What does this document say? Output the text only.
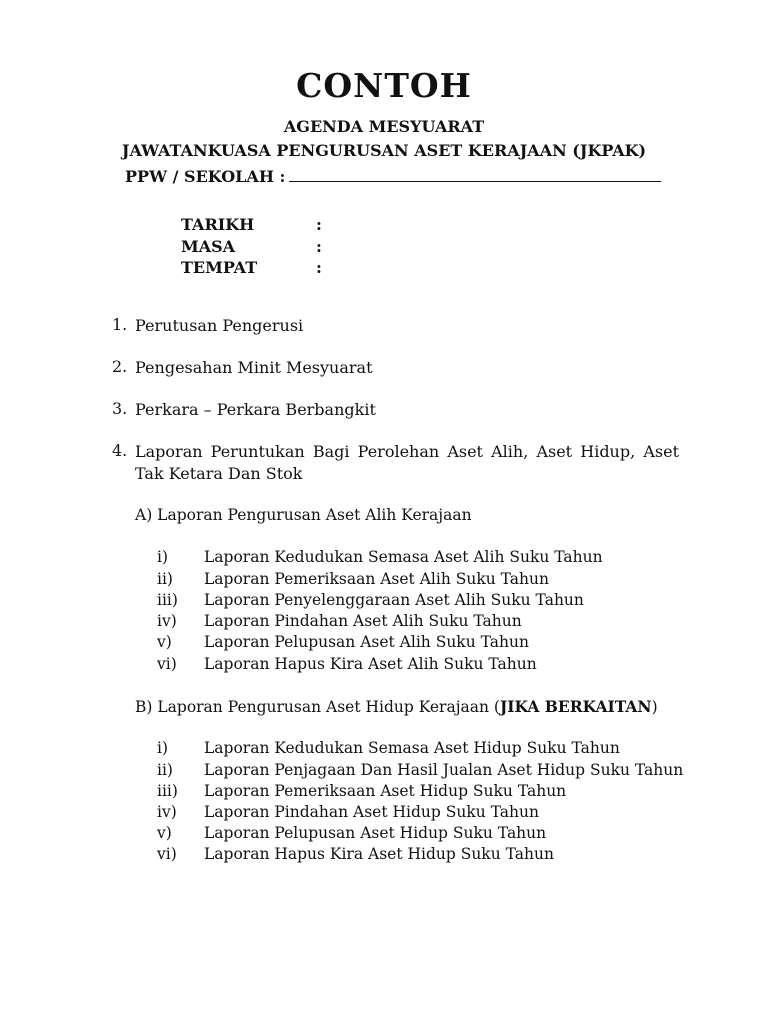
CONTOH
AGENDA MESYUARAT
JAWATANKUASA PENGURUSAN ASET KERAJAAN (JKPAK)
PPW / SEKOLAH :
TARIKH	:
MASA	:
TEMPAT	:
1. Perutusan Pengerusi
2. Pengesahan Minit Mesyuarat
3. Perkara – Perkara Berbangkit
4. Laporan Peruntukan Bagi Perolehan Aset Alih, Aset Hidup, Aset Tak Ketara Dan Stok
A) Laporan Pengurusan Aset Alih Kerajaan
i) Laporan Kedudukan Semasa Aset Alih Suku Tahun
ii) Laporan Pemeriksaan Aset Alih Suku Tahun
iii) Laporan Penyelenggaraan Aset Alih Suku Tahun
iv) Laporan Pindahan Aset Alih Suku Tahun
v) Laporan Pelupusan Aset Alih Suku Tahun
vi) Laporan Hapus Kira Aset Alih Suku Tahun
B) Laporan Pengurusan Aset Hidup Kerajaan (JIKA BERKAITAN)
i) Laporan Kedudukan Semasa Aset Hidup Suku Tahun
ii) Laporan Penjagaan Dan Hasil Jualan Aset Hidup Suku Tahun
iii) Laporan Pemeriksaan Aset Hidup Suku Tahun
iv) Laporan Pindahan Aset Hidup Suku Tahun
v) Laporan Pelupusan Aset Hidup Suku Tahun
vi) Laporan Hapus Kira Aset Hidup Suku Tahun
